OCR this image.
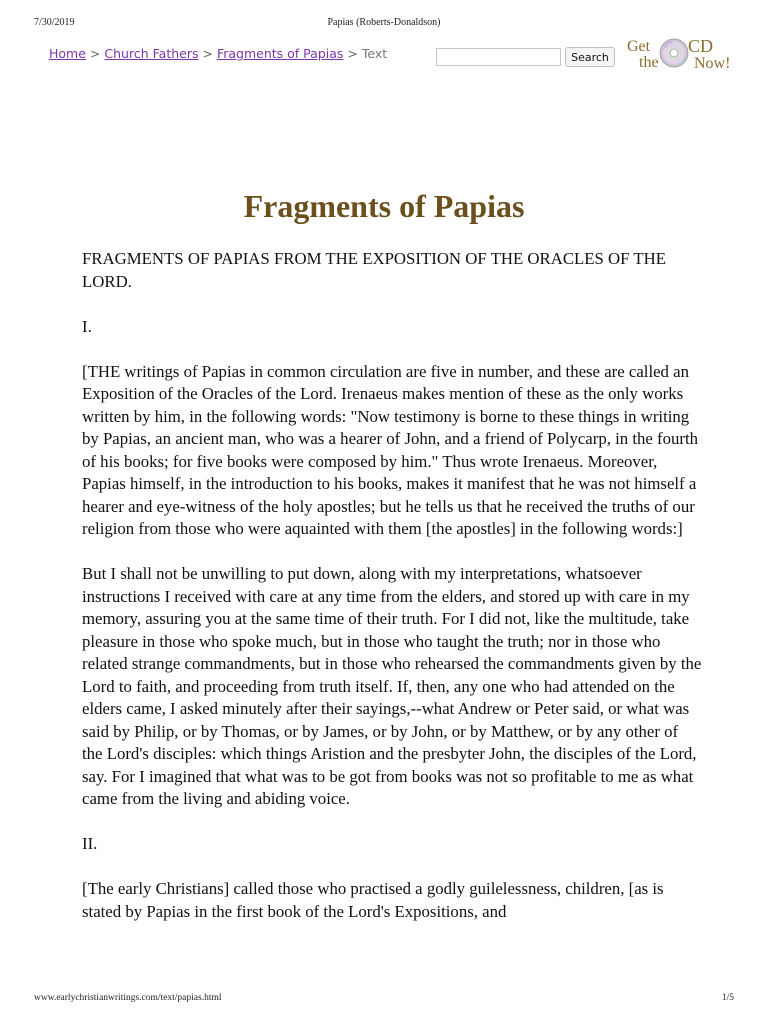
7/30/2019	Papias (Roberts-Donaldson)
Home > Church Fathers > Fragments of Papias > Text	Search
Get
the
CD
Now!
Fragments of Papias

FRAGMENTS OF PAPIAS FROM THE EXPOSITION OF THE ORACLES OF THE LORD.

I.

[THE writings of Papias in common circulation are five in number, and these are called an Exposition of the Oracles of the Lord. Irenaeus makes mention of these as the only works written by him, in the following words: "Now testimony is borne to these things in writing by Papias, an ancient man, who was a hearer of John, and a friend of Polycarp, in the fourth of his books; for five books were composed by him." Thus wrote Irenaeus. Moreover, Papias himself, in the introduction to his books, makes it manifest that he was not himself a hearer and eye-witness of the holy apostles; but he tells us that he received the truths of our religion from those who were aquainted with them [the apostles] in the following words:]

But I shall not be unwilling to put down, along with my interpretations, whatsoever instructions I received with care at any time from the elders, and stored up with care in my memory, assuring you at the same time of their truth. For I did not, like the multitude, take pleasure in those who spoke much, but in those who taught the truth; nor in those who related strange commandments, but in those who rehearsed the commandments given by the Lord to faith, and proceeding from truth itself. If, then, any one who had attended on the elders came, I asked minutely after their sayings,--what Andrew or Peter said, or what was said by Philip, or by Thomas, or by James, or by John, or by Matthew, or by any other of the Lord's disciples: which things Aristion and the presbyter John, the disciples of the Lord, say. For I imagined that what was to be got from books was not so profitable to me as what came from the living and abiding voice.

II.

[The early Christians] called those who practised a godly guilelessness, children, [as is stated by Papias in the first book of the Lord's Expositions, and

www.earlychristianwritings.com/text/papias.html	1/5
